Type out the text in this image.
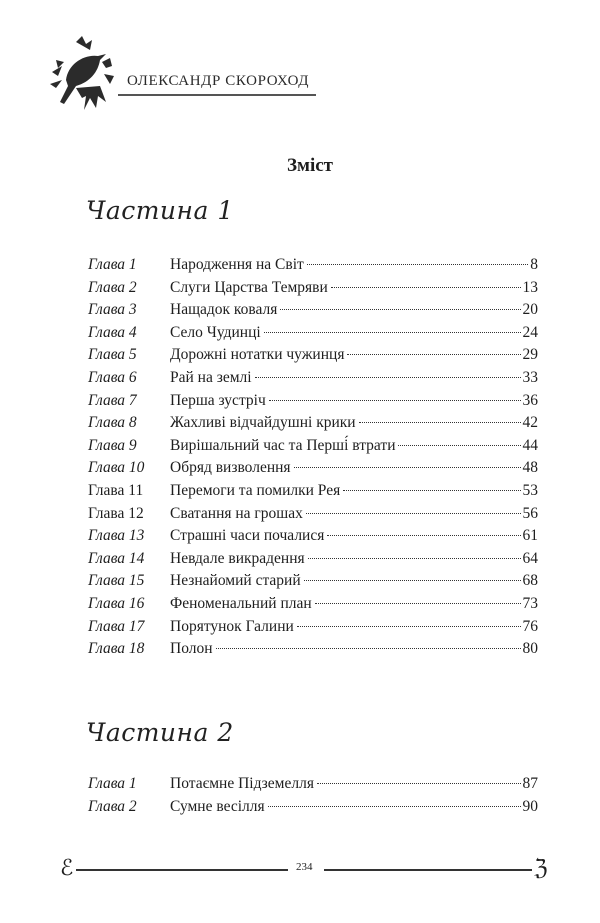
ОЛЕКСАНДР СКОРОХОД
Зміст
Частина 1
Глава 1	Народження на Світ	8
Глава 2	Слуги Царства Темряви	13
Глава 3	Нащадок коваля	20
Глава 4	Село Чудинці	24
Глава 5	Дорожні нотатки чужинця	29
Глава 6	Рай на землі	33
Глава 7	Перша зустріч	36
Глава 8	Жахливі відчайдушні крики	42
Глава 9	Вирішальний час та Перші́ втрати	44
Глава 10	Обряд визволення	48
Глава 11	Перемоги та помилки Рея	53
Глава 12	Сватання на грошах	56
Глава 13	Страшні часи почалися	61
Глава 14	Невдале викрадення	64
Глава 15	Незнайомий старий	68
Глава 16	Феноменальний план	73
Глава 17	Порятунок Галини	76
Глава 18	Полон	80
Частина 2
Глава 1	Потаємне Підземелля	87
Глава 2	Сумне весілля	90
ℰ	234	ℨ
